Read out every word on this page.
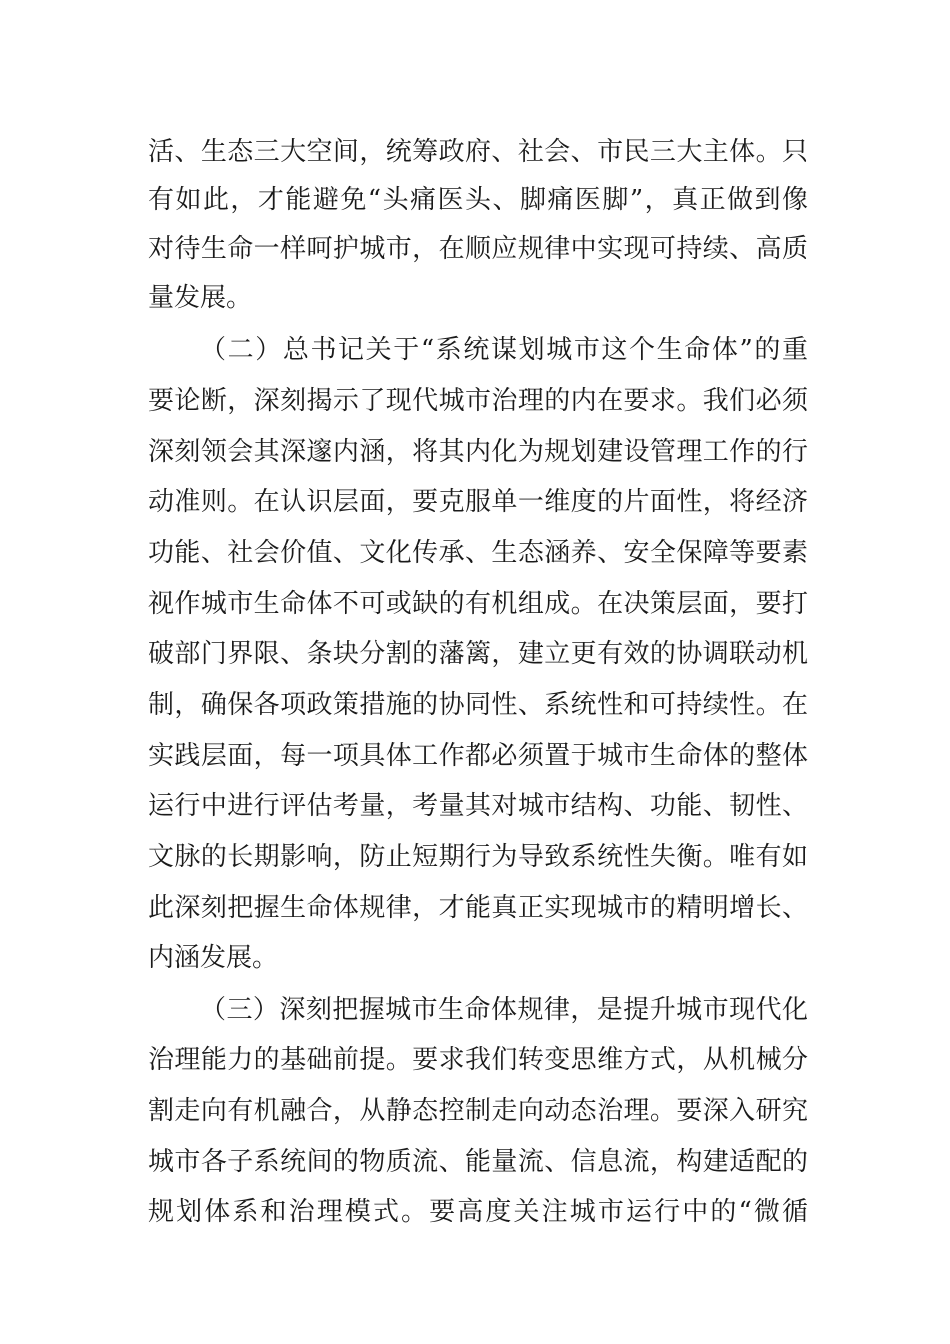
活、生态三大空间，统筹政府、社会、市民三大主体。只
有如此，才能避免“头痛医头、脚痛医脚”，真正做到像
对待生命一样呵护城市，在顺应规律中实现可持续、高质
量发展。
（二）总书记关于“系统谋划城市这个生命体”的重
要论断，深刻揭示了现代城市治理的内在要求。我们必须
深刻领会其深邃内涵，将其内化为规划建设管理工作的行
动准则。在认识层面，要克服单一维度的片面性，将经济
功能、社会价值、文化传承、生态涵养、安全保障等要素
视作城市生命体不可或缺的有机组成。在决策层面，要打
破部门界限、条块分割的藩篱，建立更有效的协调联动机
制，确保各项政策措施的协同性、系统性和可持续性。在
实践层面，每一项具体工作都必须置于城市生命体的整体
运行中进行评估考量，考量其对城市结构、功能、韧性、
文脉的长期影响，防止短期行为导致系统性失衡。唯有如
此深刻把握生命体规律，才能真正实现城市的精明增长、
内涵发展。
（三）深刻把握城市生命体规律，是提升城市现代化
治理能力的基础前提。要求我们转变思维方式，从机械分
割走向有机融合，从静态控制走向动态治理。要深入研究
城市各子系统间的物质流、能量流、信息流，构建适配的
规划体系和治理模式。要高度关注城市运行中的“微循
